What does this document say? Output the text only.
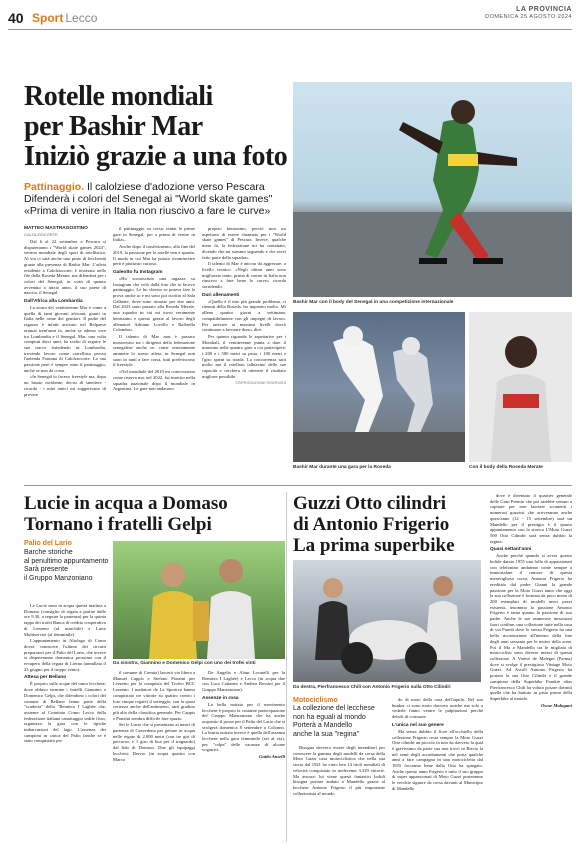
40 Sport Lecco
LA PROVINCIA
DOMENICA 25 AGOSTO 2024
Rotelle mondiali
per Bashir Mar
Iniziò grazie a una foto
Pattinaggio. Il calolziese d'adozione verso Pescara Difenderà i colori del Senegal ai "World skate games" «Prima di venire in Italia non riuscivo a fare le curve»

MATTEO MASTRAGOSTINO

CALOLZIOCORTE

Dal 6 al 22 settembre a Pescara si disputeranno i "World skate games 2024", vetrina mondiale degli sport di rotellistica. Al via ci sarà anche uno pinio di lecchesità grazie alla presenza di Bashir Mar. L'atleta residente a Calolziocorte, è tesserato nelle file della Roseda Merate, ma difenderà per i colori del Senegal, in virtù di quanto avvenuto a inizio anno, il suo paese di nascita, il Senegal.

Dall'Africa alla Lombardia

La storia del ventitreenne Mar è come a quella di tanti giovani africani, giunti in Italia nelle orme dei genitori. Il padre del ragazzo è infatti arrivato nel Belpaese oramai trent'anni fa, anche se adesso vive tra Lombardia e il Senegal. Mar, una volta compiuti dieci anni, ha scelto di seguire le sue tracce risiedendo in Lombardia, trovando lavoro come carrellista presso l'azienda Fontana di Calolziocorte. La sua passione però è sempre stato il pattinaggio, anche se non da corsa.

«In Senegal io facevo freestyle ma, dopo un brutto incidente, decisi di smettere - ricorda - i miei amici mi suggerivano di provare

il pattinaggio su corsa: tentai le prime gare in Senegal, poi a prima di venire in Italia».

Anche dopo il trasferimento, alla fine del 2019, la passione per le rotelle non è sparita. Il modo in cui Mar ha potuto ricominciare però è piuttosto curioso.

Galeotto fu Instagram

«Ho sconosciuto una ragazza su Instagram che volò dalla foto che io facevo pattinaggio. Le ho chiesto se poteva fare la prova anche io e mi sono poi iscritto al Sala Galbiate, dove sono rimasto per due anni. Dal 2023 sono passato alla Roseda Merate, una squadra in cui mi trovo veramente benissimo e questo grazie al lavoro degli allenatori Adriano Lovello e Raffaella Colombo».

Il talento di Mar non è passato inosservato tra i dirigenti della federazione senegalese anche se, come onestamente ammette lo stesso atleta, in Senegal non sono in tanti a fare corsa, tutti preferiscono il freestyle.

«Nel mondiale del 2019 mi convocarono come riserva ma, nel 2022, fui inserito nella squadra nazionale dopo il mondiale in Argentina. Le gare non andarono

proprio benissimo, perciò non mi aspettavo di essere chiamato per i "World skate games" di Pescara. Invece, qualche mese fa, la federazione mi ha contattato, dicendo che mi stavano seguendo e che avrei fatto parte della squadra».

Il talento di Mar è ancora da aggrezare, a livello tecnico. «Negli ultimi anni sono migliorato tanto, prima di venire in Italia non riuscivo a fare bene le curve» ricorda sorridendo.

Duri allenamenti

«Quello è il mio più grande problema, ci ritenuti della Roseda, ho imparato molto. Mi alleno quattro giorni a settimana, compatibilmente con gli impegni di lavoro. Per arrivare ai massimi livelli dovrò continuare a lavorare duro» dice.

Per quanto riguarda le aspettative per i Mondiali, il ventitreenne punta a dare il massimo nelle quattro gare a cui parteciperà: i 200 e i 500 metri su pista, i 100 metri e l'giro sprint su strada. La concorrenza sarà molto ma il rotelloni talbiacino delle sue capacità e cerchera di ottenere il risultato migliore possibile.

©RIPRODUZIONE RISERVATA

Bashir Mar con il body del Senegal in una competizione internazionale
Bashir Mar durante una gara per la Roseda	Con il body della Roseda Merate
Lucie in acqua a Domaso
Tornano i fratelli Gelpi
Palio del Lario
Barche storiche
al penultimo appuntamento
Sarà presente
il Gruppo Manzoniano
Da sinistra, Giannino e Domenico Gelpi con uno dei trofei vinti

Le Lucie sono in acqua questa mattina a Domaso (consiglio di regata a partire dalle ore 9.30, a seguire la partenza) per la quinta tappa dei trofei Banca di credito cooperativo di Lezzeno (al maschile) e Lario Multiservizi (al femminile).

L'appuntamento in Altolago di Como dovrà conoscere l'ultimo dei circuiti preparatori per il Palio del Lario, che invece si disputeranno domenica prossima con il recupero della regata di Lierna (annullata il 23 giugno per il troppo vento).

Attesa per Bellano

È proprio sulle acque del ramo lecchese, dove ebbero termine i fratelli Giannino e Domenico Gelpi, che difendono i colori del comune di Bellano fanno parte della "scuderia" della "Remiero I Laghée che, assieme al Comitato Como Lecco della federazione italiana canottaggio sedile fisso, organizza la gara con le tipiche imbarcazioni del lago. L'assenza dei campioni in carica del Palio (anche se è stato conquistato per

il comune di Cremia) lascerà via libera a Manuel Cappis e Stefano Ponzini per Lezzeno per la conquista del Trofeo BCC Lezzeno. I mattatori de La Sportiva hanno conquistato tre vittorie su quattro contro i loro cinque regate) il sorteggio, con la quasi certezza anche dell'antimeteo, sarà gradino più alto della classifica generale. Per Cappis e Ponzini sembra difficile fare spazio.

Sei le Lucie che si presentano ai nastri di partenza di Gravedona per gettare in acqua nelle regate di 2.000 metri (con tre giri di percorso, e 1 giro di boa per il traguardo) dal lido di Domaso. Due gli equipaggi lecchesi: Dervio (in acqua quattro con Marco

De Angelis e Alain Locatelli per la Remiera I Laghée) e Lecco (in acqua due con Luca Cattaneo e Andrea Rossini per il Gruppo Manzoniano).

Assenze in rosa

La bella notizia per il movimento lecchese è proprio la costante partecipazione del Gruppo Manzoniano che ha anche acquisito il posso per il Palio del Lario che si svolgerà domenica 8 settembre a Colonno. La brutta notizia invece è quella dell'assenza lecchese nella gara femminile (sei al via), per "colpa" delle vacanze di alcune vogatrici.

Guido Anselli

Guzzi Otto cilindri
di Antonio Frigerio
La prima superbike
Da destra, Pierfrancesco Chili con Antonio Frigerio sulla Otto Cilindri
Motociclismo
La collezione del lecchese
non ha eguali al mondo
Porterà a Mandello
anche la sua "regina"

dove è diventato il quartier generale delle Gran Premio che poi sarebbe venuto a capitare per non lasciare scontenti i numerosi guzzisti che arriveranno anche quest'anno (12 - 15 settembre) sarà un Mandello per il prestigio è il quarto appuntamento con la storica L'Moto Guzzi 500 Otto Cilindri sarà senza dubbio la regina.

Quasi settant'anni

Anche perché quando si avvia questo bolide datato 1955 una folla di appassionati con telefonino andranno come sempre a immortalare il rumore di questa meravigliosa corsa, Antonio Frigerio ha ereditato dal padre Gianni la grande passione per la Moto Guzzi tanto che oggi la sua collezione è formata da poco meno di 200 esemplari di modelli unici pezzi esistenti, insomma la passione Antonio Frigerio è tanta quanto la passione di suo padre. Anche le sue numerose incursioni fuori confine, una collezione tutte nella casa di via Paredi dove lo stesso Frigerio ha una bella ricostruzione all'interno della fine degli anni sessanta per le motos della zona. Poi il Ma a Mandello tra le migliaia di motociclisti sono diverse mezzi di questa collezione. A Varese de Melegni (Parma) dove si svolge il prestigioso Vintage Moto Guzzi. Ad Ascoli Antonio Frigerio ha portato la sua Otto Cilindri e il grande campione della Superbike Frankie alias Pierfrancesco Chili ha voluto posare davanti quella che ha battuto in pista prima della Superbike al mondo.

Oscar Malugani

Bisogna davvero essere degli intenditori per conoscere la gamma degli modelli da corsa della Moto Guzzi casa motociclistica che nella sua storia dal 1921 ha vinto ben 14 titoli mondiali di velocità conquistato in tredecenni 3.329 vittorie. Ma ancora: lui viene questi fantastici bolidi bisogna portare andato a Mandello grazie al lecchese Antonio Frigerio il più importante collezionista al mondo

do di moto della casa dell'aquila. Nel suo bunker ci sono moto davvero uniche ma solo a vederle fanno venire le palpitazioni perché deboli di cormarie.

L'unica nel suo genere

Ma senza dubbio il fiore all'occhiello della collezione Frigerio resta sempre la Moto Guzzi Otto cilindri un piccolo fa tuto da davvero la qual è gravissimo da parte sua non trovò in Brivio la nel semi degli accadiamenti che porta qualche anni a fare campagna in una motocicletta dal 1955 facciamo bene dalla Otto ha spiegato. Anche questo anno Frigerio e tutto il suo gruppo di super appassionati di Moto Guzzi porteranno le vecchie signore da corsa davanti al Municipio di Mandello
